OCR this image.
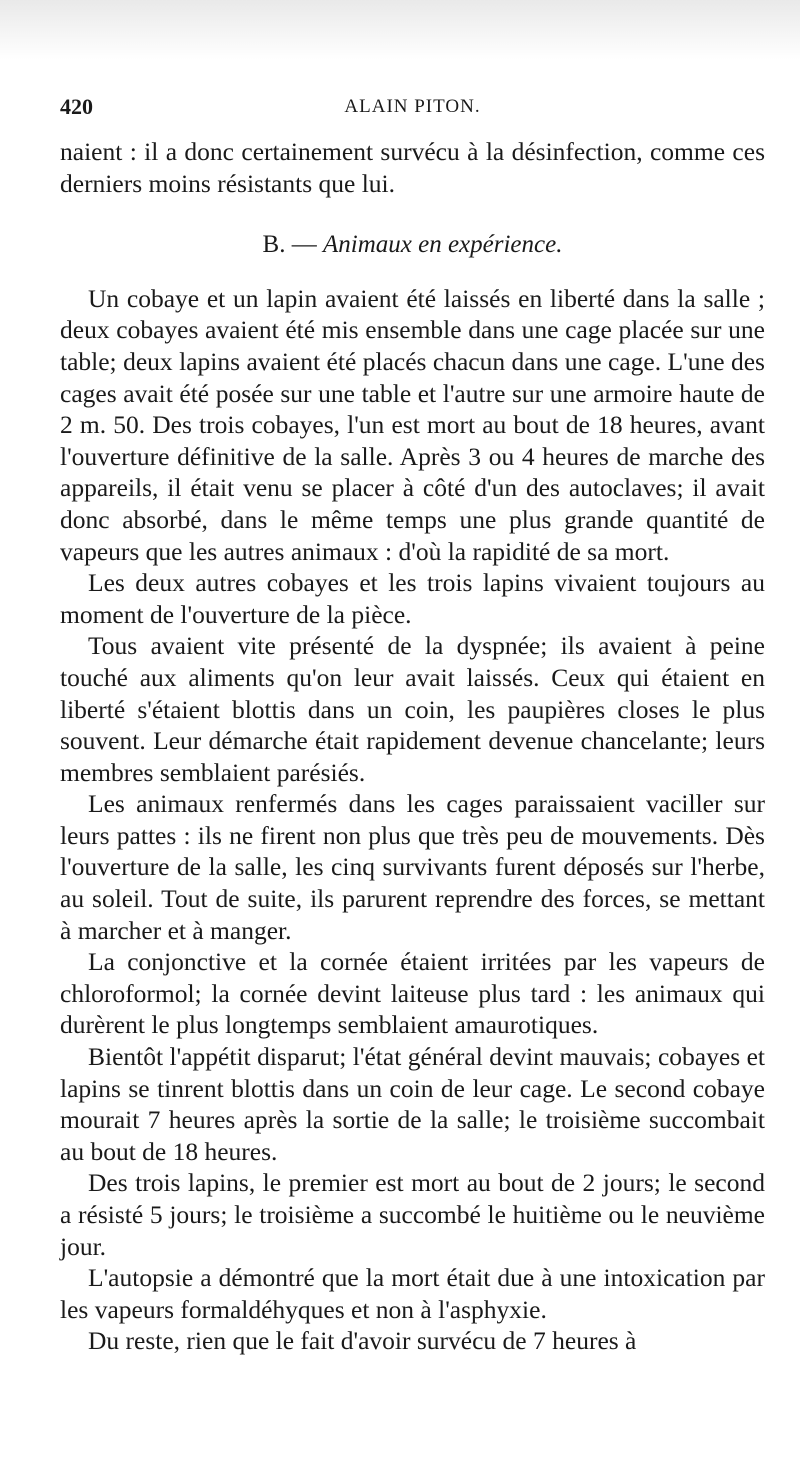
420	ALAIN PITON.

naient : il a donc certainement survécu à la désinfection, comme ces derniers moins résistants que lui.

B. — Animaux en expérience.

Un cobaye et un lapin avaient été laissés en liberté dans la salle ; deux cobayes avaient été mis ensemble dans une cage placée sur une table; deux lapins avaient été placés chacun dans une cage. L'une des cages avait été posée sur une table et l'autre sur une armoire haute de 2 m. 50. Des trois cobayes, l'un est mort au bout de 18 heures, avant l'ouverture définitive de la salle. Après 3 ou 4 heures de marche des appareils, il était venu se placer à côté d'un des autoclaves; il avait donc absorbé, dans le même temps une plus grande quantité de vapeurs que les autres animaux : d'où la rapidité de sa mort.

Les deux autres cobayes et les trois lapins vivaient toujours au moment de l'ouverture de la pièce.

Tous avaient vite présenté de la dyspnée; ils avaient à peine touché aux aliments qu'on leur avait laissés. Ceux qui étaient en liberté s'étaient blottis dans un coin, les paupières closes le plus souvent. Leur démarche était rapidement devenue chancelante; leurs membres semblaient parésiés.

Les animaux renfermés dans les cages paraissaient vaciller sur leurs pattes : ils ne firent non plus que très peu de mouvements. Dès l'ouverture de la salle, les cinq survivants furent déposés sur l'herbe, au soleil. Tout de suite, ils parurent reprendre des forces, se mettant à marcher et à manger.

La conjonctive et la cornée étaient irritées par les vapeurs de chloroformol; la cornée devint laiteuse plus tard : les animaux qui durèrent le plus longtemps semblaient amaurotiques.

Bientôt l'appétit disparut; l'état général devint mauvais; cobayes et lapins se tinrent blottis dans un coin de leur cage. Le second cobaye mourait 7 heures après la sortie de la salle; le troisième succombait au bout de 18 heures.

Des trois lapins, le premier est mort au bout de 2 jours; le second a résisté 5 jours; le troisième a succombé le huitième ou le neuvième jour.

L'autopsie a démontré que la mort était due à une intoxication par les vapeurs formaldéhyques et non à l'asphyxie.

Du reste, rien que le fait d'avoir survécu de 7 heures à
